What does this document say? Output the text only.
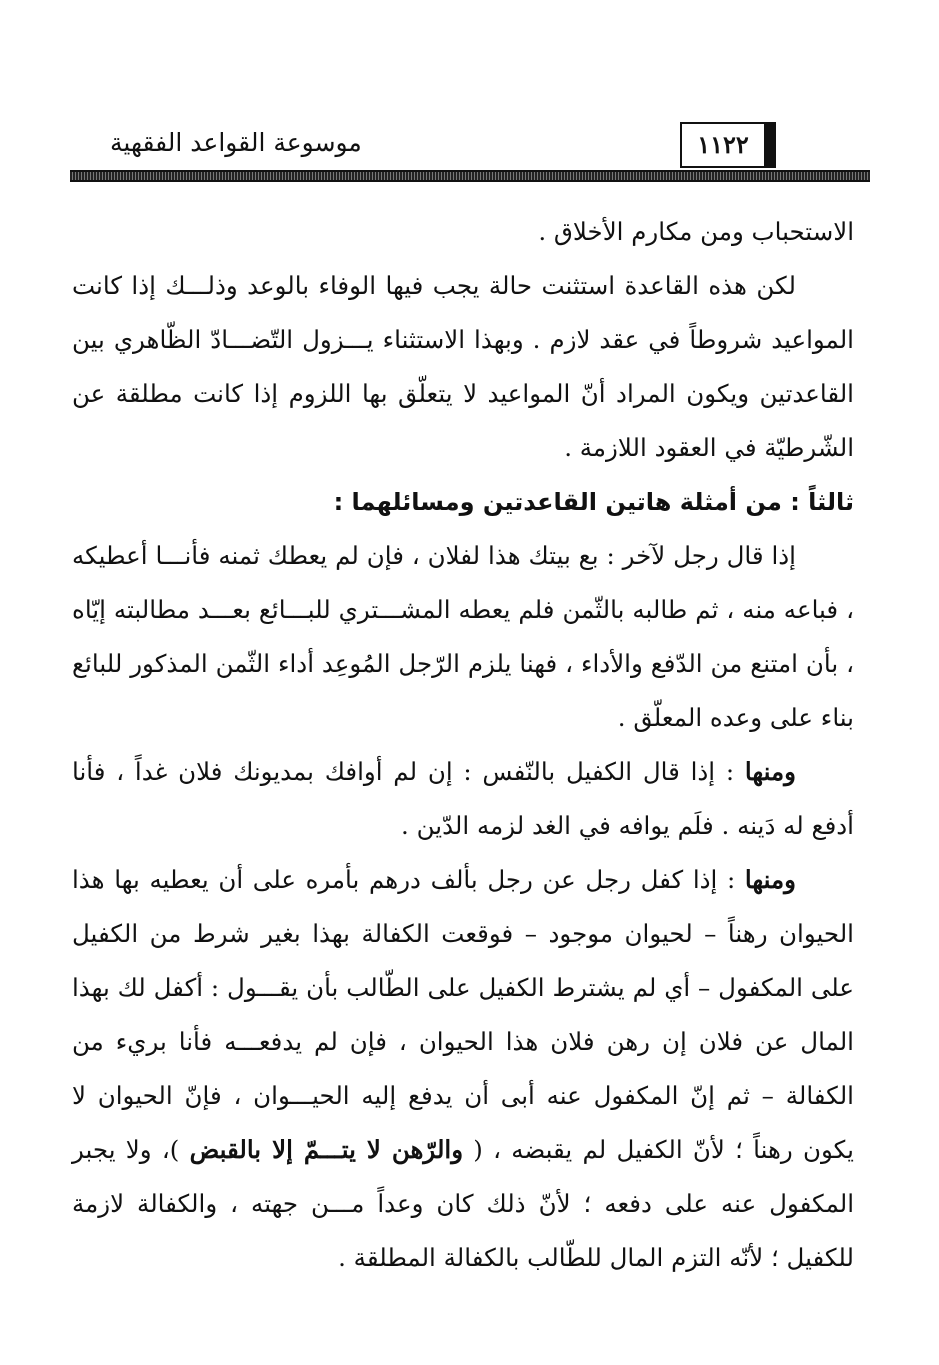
موسوعة القواعد الفقهية	١١٢٢

الاستحباب ومن مكارم الأخلاق .

لكن هذه القاعدة استثنت حالة يجب فيها الوفاء بالوعد وذلـــك إذا كانت المواعيد شروطاً في عقد لازم . وبهذا الاستثناء يـــزول التّضـــادّ الظّاهري بين القاعدتين ويكون المراد أنّ المواعيد لا يتعلّق بها اللزوم إذا كانت مطلقة عن الشّرطيّة في العقود اللازمة .

ثالثاً : من أمثلة هاتين القاعدتين ومسائلهما :

إذا قال رجل لآخر : بع بيتك هذا لفلان ، فإن لم يعطك ثمنه فأنـــا أعطيكه ، فباعه منه ، ثم طالبه بالثّمن فلم يعطه المشـــتري للبـــائع بعـــد مطالبته إيّاه ، بأن امتنع من الدّفع والأداء ، فهنا يلزم الرّجل المُوعِد أداء الثّمن المذكور للبائع بناء على وعده المعلّق .

ومنها : إذا قال الكفيل بالنّفس : إن لم أوافك بمديونك فلان غداً ، فأنا أدفع له دَينه . فلَم يوافه في الغد لزمه الدّين .

ومنها : إذا كفل رجل عن رجل بألف درهم بأمره على أن يعطيه بها هذا الحيوان رهناً – لحيوان موجود – فوقعت الكفالة بهذا بغير شرط من الكفيل على المكفول – أي لم يشترط الكفيل على الطّالب بأن يقـــول : أكفل لك بهذا المال عن فلان إن رهن فلان هذا الحيوان ، فإن لم يدفعـــه فأنا بريء من الكفالة – ثم إنّ المكفول عنه أبى أن يدفع إليه الحيـــوان ، فإنّ الحيوان لا يكون رهناً ؛ لأنّ الكفيل لم يقبضه ، ( والرّهن لا يتـــمّ إلا بالقبض )، ولا يجبر المكفول عنه على دفعه ؛ لأنّ ذلك كان وعداً مـــن جهته ، والكفالة لازمة للكفيل ؛ لأنّه التزم المال للطّالب بالكفالة المطلقة .
